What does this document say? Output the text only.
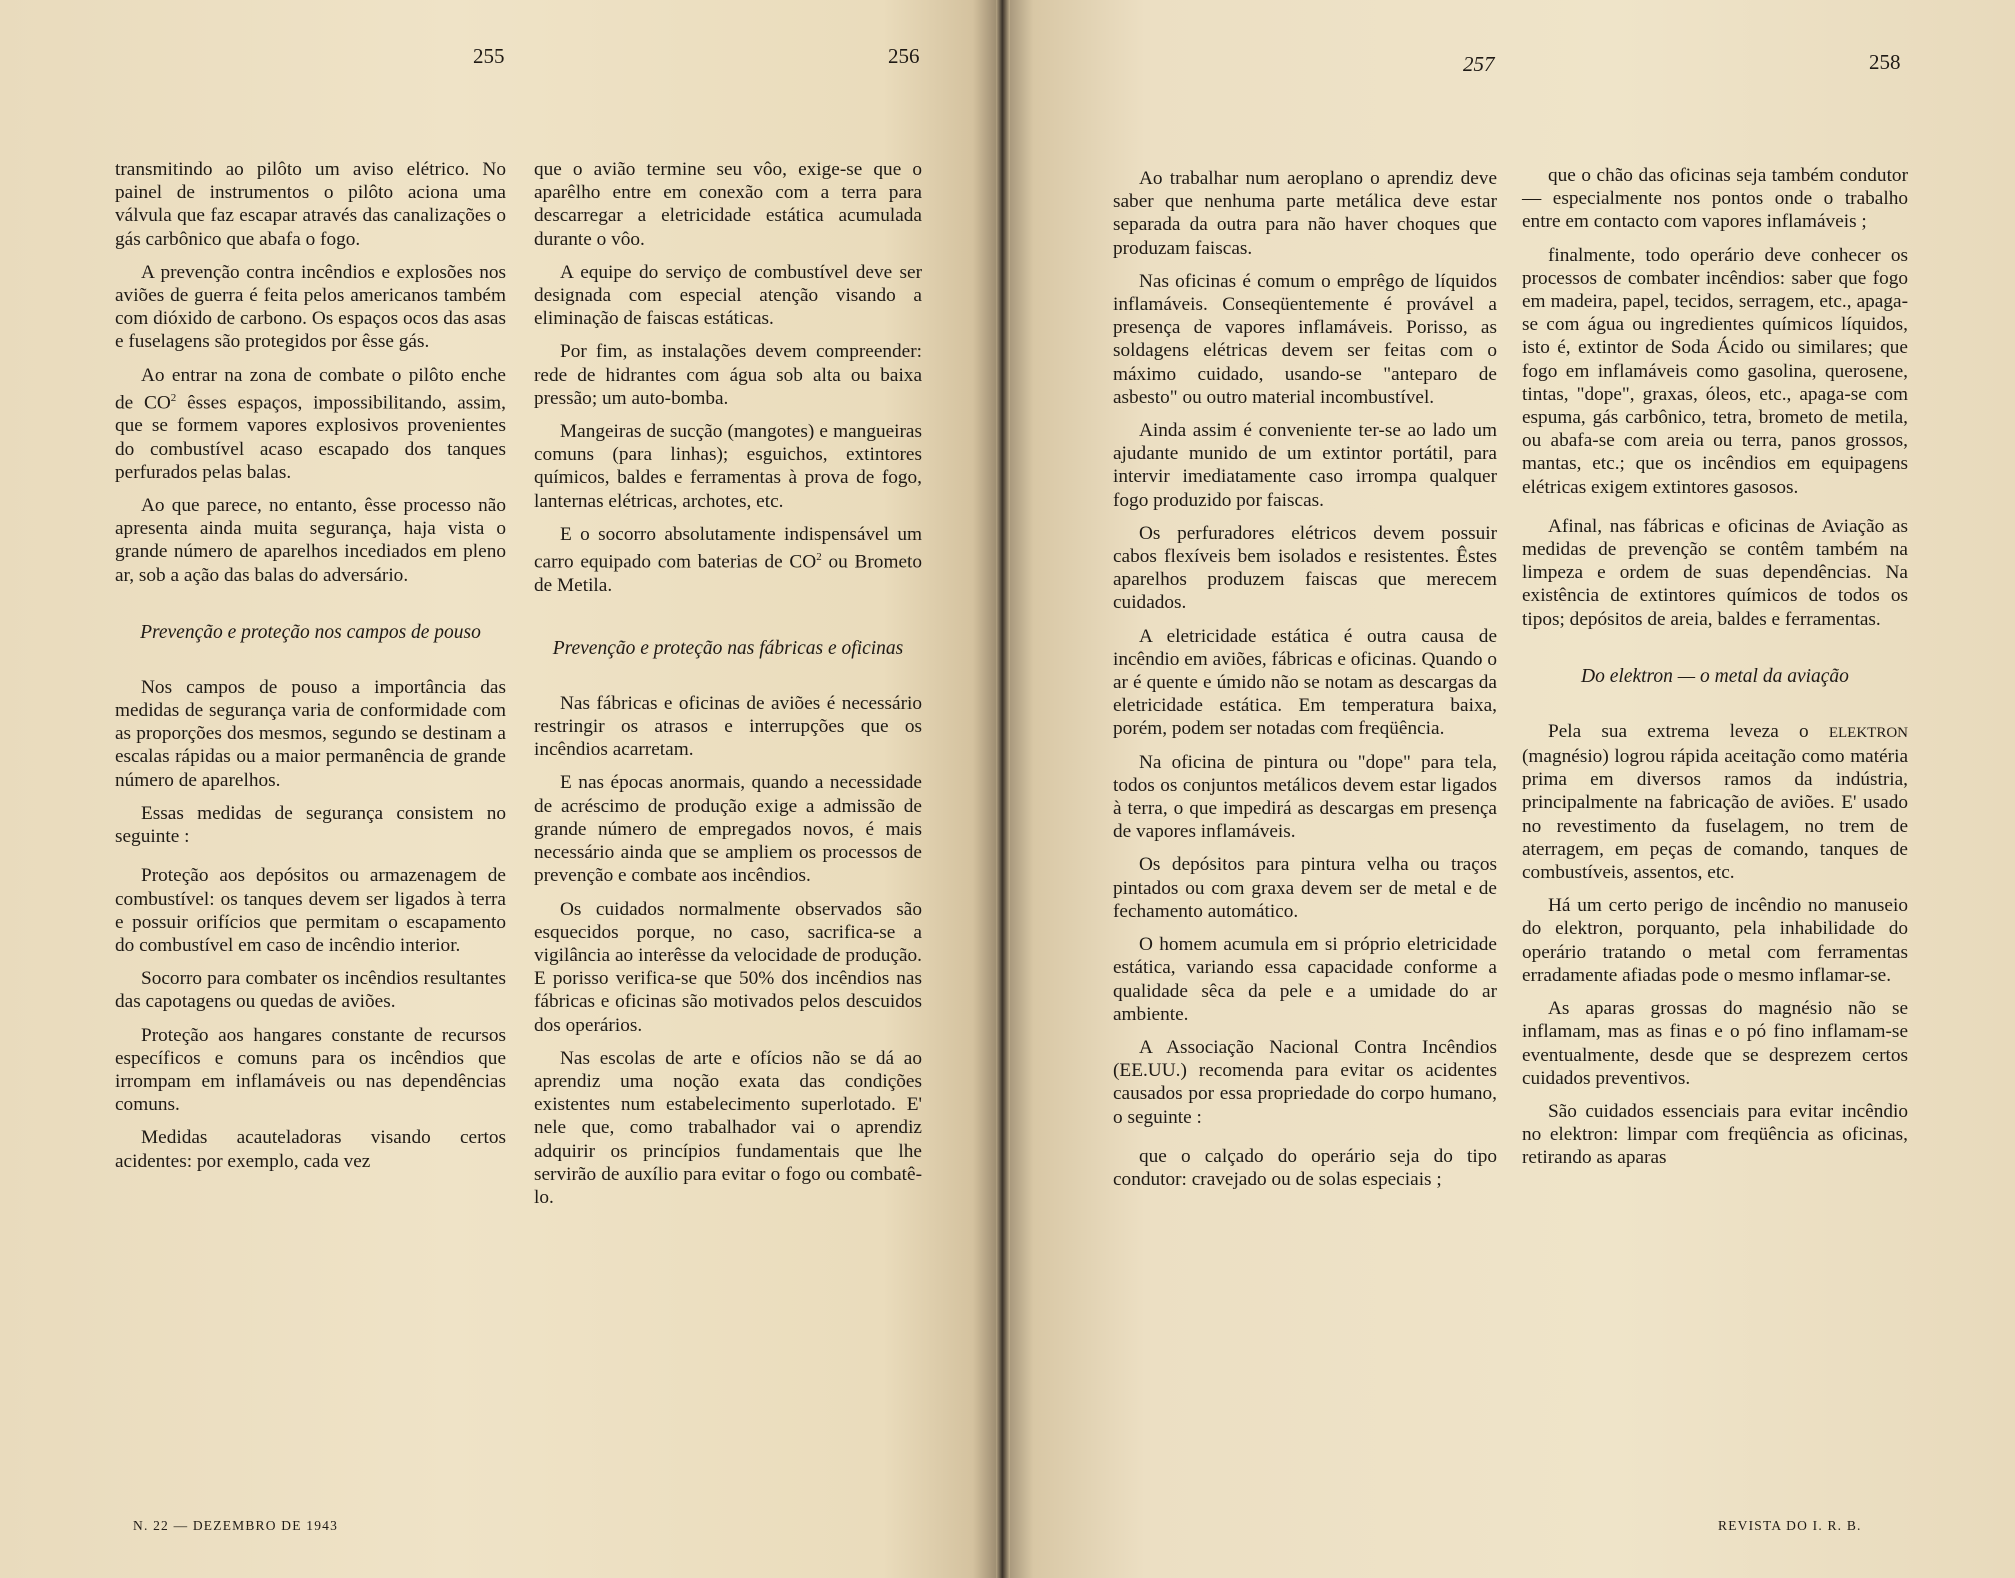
255	256	257	258

transmitindo ao pilôto um aviso elétrico. No painel de instrumentos o pilôto aciona uma válvula que faz escapar através das canalizações o gás carbônico que abafa o fogo.

A prevenção contra incêndios e explosões nos aviões de guerra é feita pelos americanos também com dióxido de carbono. Os espaços ocos das asas e fuselagens são protegidos por êsse gás.

Ao entrar na zona de combate o pilôto enche de $CO^2$ êsses espaços, impossibilitando, assim, que se formem vapores explosivos provenientes do combustível acaso escapado dos tanques perfurados pelas balas.

Ao que parece, no entanto, êsse processo não apresenta ainda muita segurança, haja vista o grande número de aparelhos incediados em pleno ar, sob a ação das balas do adversário.

Prevenção e proteção nos campos de pouso

Nos campos de pouso a importância das medidas de segurança varia de conformidade com as proporções dos mesmos, segundo se destinam a escalas rápidas ou a maior permanência de grande número de aparelhos.

Essas medidas de segurança consistem no seguinte :

Proteção aos depósitos ou armazenagem de combustível: os tanques devem ser ligados à terra e possuir orifícios que permitam o escapamento do combustível em caso de incêndio interior.

Socorro para combater os incêndios resultantes das capotagens ou quedas de aviões.

Proteção aos hangares constante de recursos específicos e comuns para os incêndios que irrompam em inflamáveis ou nas dependências comuns.

Medidas acauteladoras visando certos acidentes: por exemplo, cada vez

que o avião termine seu vôo, exige-se que o aparêlho entre em conexão com a terra para descarregar a eletricidade estática acumulada durante o vôo.

A equipe do serviço de combustível deve ser designada com especial atenção visando a eliminação de faiscas estáticas.

Por fim, as instalações devem compreender: rede de hidrantes com água sob alta ou baixa pressão; um auto-bomba.

Mangeiras de sucção (mangotes) e mangueiras comuns (para linhas); esguichos, extintores químicos, baldes e ferramentas à prova de fogo, lanternas elétricas, archotes, etc.

E o socorro absolutamente indispensável um carro equipado com baterias de $CO^2$ ou Brometo de Metila.

Prevenção e proteção nas fábricas e oficinas

Nas fábricas e oficinas de aviões é necessário restringir os atrasos e interrupções que os incêndios acarretam.

E nas épocas anormais, quando a necessidade de acréscimo de produção exige a admissão de grande número de empregados novos, é mais necessário ainda que se ampliem os processos de prevenção e combate aos incêndios.

Os cuidados normalmente observados são esquecidos porque, no caso, sacrifica-se a vigilância ao interêsse da velocidade de produção. E porisso verifica-se que 50% dos incêndios nas fábricas e oficinas são motivados pelos descuidos dos operários.

Nas escolas de arte e ofícios não se dá ao aprendiz uma noção exata das condições existentes num estabelecimento superlotado. E' nele que, como trabalhador vai o aprendiz adquirir os princípios fundamentais que lhe servirão de auxílio para evitar o fogo ou combatê-lo.

Ao trabalhar num aeroplano o aprendiz deve saber que nenhuma parte metálica deve estar separada da outra para não haver choques que produzam faiscas.

Nas oficinas é comum o emprêgo de líquidos inflamáveis. Conseqüentemente é provável a presença de vapores inflamáveis. Porisso, as soldagens elétricas devem ser feitas com o máximo cuidado, usando-se "anteparo de asbesto" ou outro material incombustível.

Ainda assim é conveniente ter-se ao lado um ajudante munido de um extintor portátil, para intervir imediatamente caso irrompa qualquer fogo produzido por faiscas.

Os perfuradores elétricos devem possuir cabos flexíveis bem isolados e resistentes. Êstes aparelhos produzem faiscas que merecem cuidados.

A eletricidade estática é outra causa de incêndio em aviões, fábricas e oficinas. Quando o ar é quente e úmido não se notam as descargas da eletricidade estática. Em temperatura baixa, porém, podem ser notadas com freqüência.

Na oficina de pintura ou "dope" para tela, todos os conjuntos metálicos devem estar ligados à terra, o que impedirá as descargas em presença de vapores inflamáveis.

Os depósitos para pintura velha ou traços pintados ou com graxa devem ser de metal e de fechamento automático.

O homem acumula em si próprio eletricidade estática, variando essa capacidade conforme a qualidade sêca da pele e a umidade do ar ambiente.

A Associação Nacional Contra Incêndios (EE.UU.) recomenda para evitar os acidentes causados por essa propriedade do corpo humano, o seguinte :

que o calçado do operário seja do tipo condutor: cravejado ou de solas especiais ;

que o chão das oficinas seja também condutor — especialmente nos pontos onde o trabalho entre em contacto com vapores inflamáveis ;

finalmente, todo operário deve conhecer os processos de combater incêndios: saber que fogo em madeira, papel, tecidos, serragem, etc., apaga-se com água ou ingredientes químicos líquidos, isto é, extintor de Soda Ácido ou similares; que fogo em inflamáveis como gasolina, querosene, tintas, "dope", graxas, óleos, etc., apaga-se com espuma, gás carbônico, tetra, brometo de metila, ou abafa-se com areia ou terra, panos grossos, mantas, etc.; que os incêndios em equipagens elétricas exigem extintores gasosos.

Afinal, nas fábricas e oficinas de Aviação as medidas de prevenção se contêm também na limpeza e ordem de suas dependências. Na existência de extintores químicos de todos os tipos; depósitos de areia, baldes e ferramentas.

Do elektron — o metal da aviação

Pela sua extrema leveza o ELEKTRON (magnésio) logrou rápida aceitação como matéria prima em diversos ramos da indústria, principalmente na fabricação de aviões. E' usado no revestimento da fuselagem, no trem de aterragem, em peças de comando, tanques de combustíveis, assentos, etc.

Há um certo perigo de incêndio no manuseio do elektron, porquanto, pela inhabilidade do operário tratando o metal com ferramentas erradamente afiadas pode o mesmo inflamar-se.

As aparas grossas do magnésio não se inflamam, mas as finas e o pó fino inflamam-se eventualmente, desde que se desprezem certos cuidados preventivos.

São cuidados essenciais para evitar incêndio no elektron: limpar com freqüência as oficinas, retirando as aparas

N. 22 — DEZEMBRO DE 1943	REVISTA DO I. R. B.
